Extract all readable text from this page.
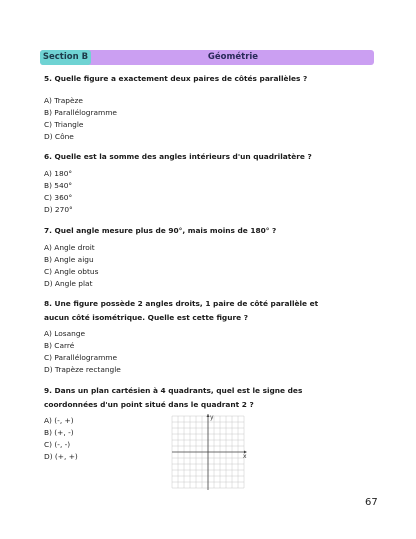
Section B	Géométrie
5. Quelle figure a exactement deux paires de côtés parallèles ?
A) Trapèze
B) Parallélogramme
C) Triangle
D) Cône
6. Quelle est la somme des angles intérieurs d'un quadrilatère ?
A) 180°
B) 540°
C) 360°
D) 270°
7. Quel angle mesure plus de 90°, mais moins de 180° ?
A) Angle droit
B) Angle aigu
C) Angle obtus
D) Angle plat
8. Une figure possède 2 angles droits, 1 paire de côté parallèle et aucun côté isométrique. Quelle est cette figure ?
A) Losange
B) Carré
C) Parallélogramme
D) Trapèze rectangle
9. Dans un plan cartésien à 4 quadrants, quel est le signe des coordonnées d'un point situé dans le quadrant 2 ?
A) (-, +)
B) (+, -)
C) (-, -)
D) (+, +)
y
x
67
